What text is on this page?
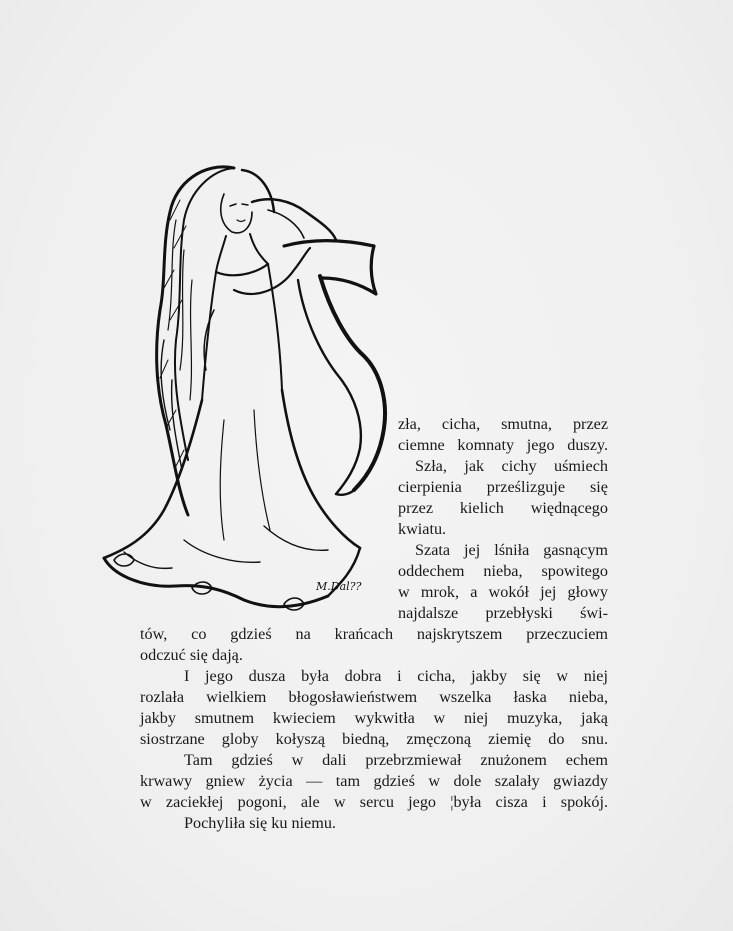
M.Dal??
zła, cicha, smutna, przez
ciemne komnaty jego duszy.
Szła, jak cichy uśmiech
cierpienia prześlizguje się
przez kielich więdnącego
kwiatu.
Szata jej lśniła gasnącym
oddechem nieba, spowitego
w mrok, a wokół jej głowy
najdalsze przebłyski świ-
tów, co gdzieś na krańcach najskrytszem przeczuciem
odczuć się dają.
I jego dusza była dobra i cicha, jakby się w niej
rozlała wielkiem błogosławieństwem wszelka łaska nieba,
jakby smutnem kwieciem wykwitła w niej muzyka, jaką
siostrzane globy kołyszą biedną, zmęczoną ziemię do snu.
Tam gdzieś w dali przebrzmiewał znużonem echem
krwawy gniew życia — tam gdzieś w dole szalały gwiazdy
w zaciekłej pogoni, ale w sercu jego ¦była cisza i spokój.
Pochyliła się ku niemu.
